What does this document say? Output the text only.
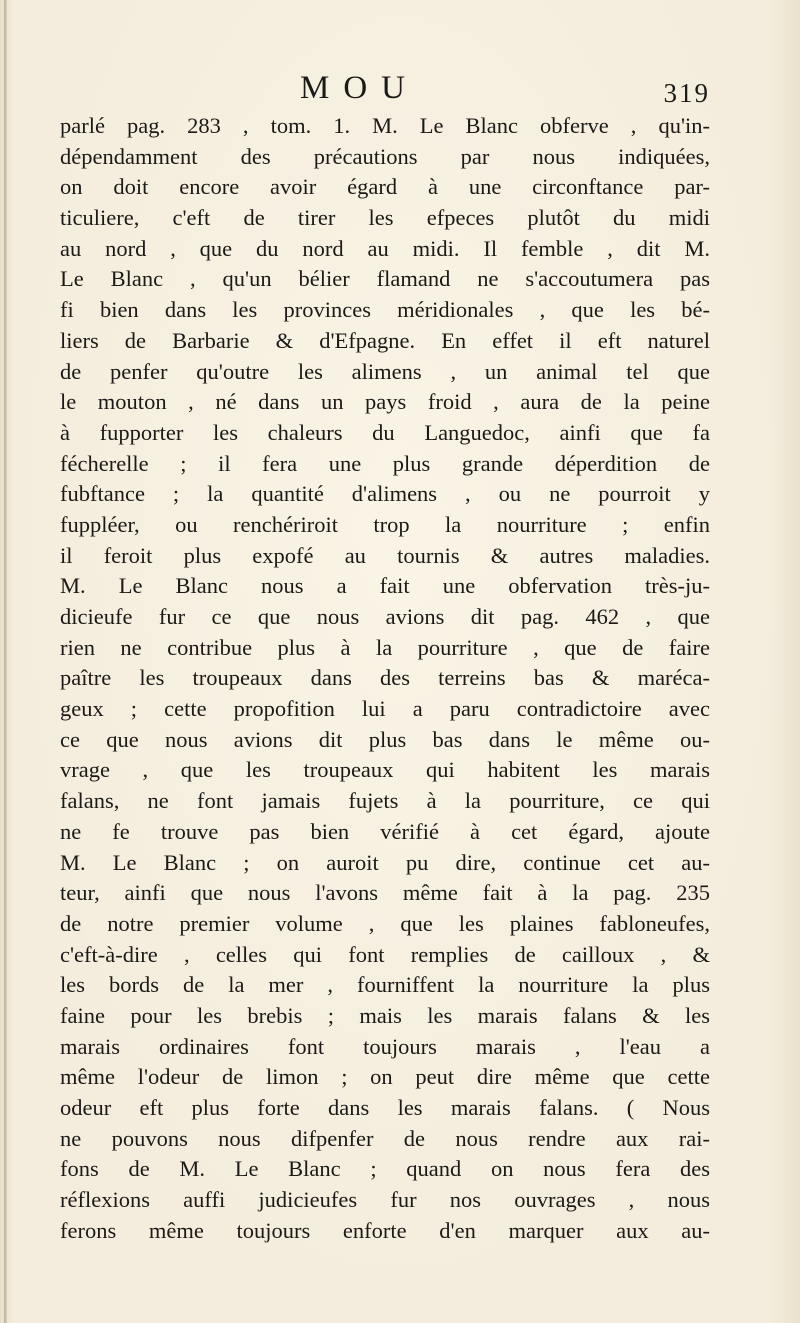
MOU	319
parlé pag. 283 , tom. 1. M. Le Blanc obferve , qu'in-
dépendamment des précautions par nous indiquées,
on doit encore avoir égard à une circonftance par-
ticuliere, c'eft de tirer les efpeces plutôt du midi
au nord , que du nord au midi. Il femble , dit M.
Le Blanc , qu'un bélier flamand ne s'accoutumera pas
fi bien dans les provinces méridionales , que les bé-
liers de Barbarie & d'Efpagne. En effet il eft naturel
de penfer qu'outre les alimens , un animal tel que
le mouton , né dans un pays froid , aura de la peine
à fupporter les chaleurs du Languedoc, ainfi que fa
fécherelle ; il fera une plus grande déperdition de
fubftance ; la quantité d'alimens , ou ne pourroit y
fuppléer, ou renchériroit trop la nourriture ; enfin
il feroit plus expofé au tournis & autres maladies.
M. Le Blanc nous a fait une obfervation très-ju-
dicieufe fur ce que nous avions dit pag. 462 , que
rien ne contribue plus à la pourriture , que de faire
paître les troupeaux dans des terreins bas & maréca-
geux ; cette propofition lui a paru contradictoire avec
ce que nous avions dit plus bas dans le même ou-
vrage , que les troupeaux qui habitent les marais
falans, ne font jamais fujets à la pourriture, ce qui
ne fe trouve pas bien vérifié à cet égard, ajoute
M. Le Blanc ; on auroit pu dire, continue cet au-
teur, ainfi que nous l'avons même fait à la pag. 235
de notre premier volume , que les plaines fabloneufes,
c'eft-à-dire , celles qui font remplies de cailloux , &
les bords de la mer , fourniffent la nourriture la plus
faine pour les brebis ; mais les marais falans & les
marais ordinaires font toujours marais , l'eau a
même l'odeur de limon ; on peut dire même que cette
odeur eft plus forte dans les marais falans. ( Nous
ne pouvons nous difpenfer de nous rendre aux rai-
fons de M. Le Blanc ; quand on nous fera des
réflexions auffi judicieufes fur nos ouvrages , nous
ferons même toujours enforte d'en marquer aux au-
